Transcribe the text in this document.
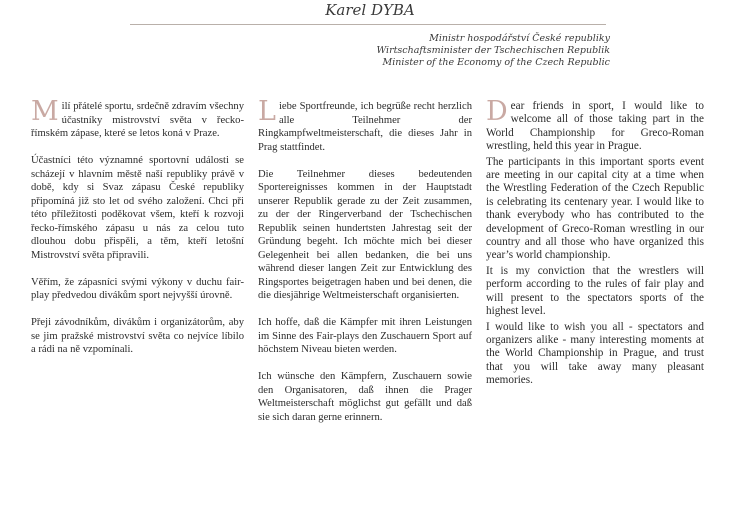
Karel DYBA
Ministr hospodářství České republiky
Wirtschaftsminister der Tschechischen Republik
Minister of the Economy of the Czech Republic

Milí přátelé sportu, srdečně zdravím všechny účastníky mistrovství světa v řecko-římském zápase, které se letos koná v Praze.

Účastníci této významné sportovní události se scházejí v hlavním městě naší republiky právě v době, kdy si Svaz zápasu České republiky připomíná již sto let od svého založení. Chci při této příležitosti poděkovat všem, kteří k rozvoji řecko-římského zápasu u nás za celou tuto dlouhou dobu přispěli, a těm, kteří letošní Mistrovství světa připravili.

Věřím, že zápasníci svými výkony v duchu fair-play předvedou divákům sport nejvyšší úrovně.

Přeji závodníkům, divákům i organizátorům, aby se jim pražské mistrovství světa co nejvíce líbilo a rádi na ně vzpomínali.

Liebe Sportfreunde, ich begrüße recht herzlich alle Teilnehmer der Ringkampfweltmeisterschaft, die dieses Jahr in Prag stattfindet.

Die Teilnehmer dieses bedeutenden Sportereignisses kommen in der Hauptstadt unserer Republik gerade zu der Zeit zusammen, zu der der Ringerverband der Tschechischen Republik seinen hundertsten Jahrestag seit der Gründung begeht. Ich möchte mich bei dieser Gelegenheit bei allen bedanken, die bei uns während dieser langen Zeit zur Entwicklung des Ringsportes beigetragen haben und bei denen, die die diesjährige Weltmeisterschaft organisierten.

Ich hoffe, daß die Kämpfer mit ihren Leistungen im Sinne des Fair-plays den Zuschauern Sport auf höchstem Niveau bieten werden.

Ich wünsche den Kämpfern, Zuschauern sowie den Organisatoren, daß ihnen die Prager Weltmeisterschaft möglichst gut gefällt und daß sie sich daran gerne erinnern.

Dear friends in sport, I would like to welcome all of those taking part in the World Championship for Greco-Roman wrestling, held this year in Prague.

The participants in this important sports event are meeting in our capital city at a time when the Wrestling Federation of the Czech Republic is celebrating its centenary year. I would like to thank everybody who has contributed to the development of Greco-Roman wrestling in our country and all those who have organized this year’s world championship.

It is my conviction that the wrestlers will perform according to the rules of fair play and will present to the spectators sports of the highest level.

I would like to wish you all - spectators and organizers alike - many interesting moments at the World Championship in Prague, and trust that you will take away many pleasant memories.
